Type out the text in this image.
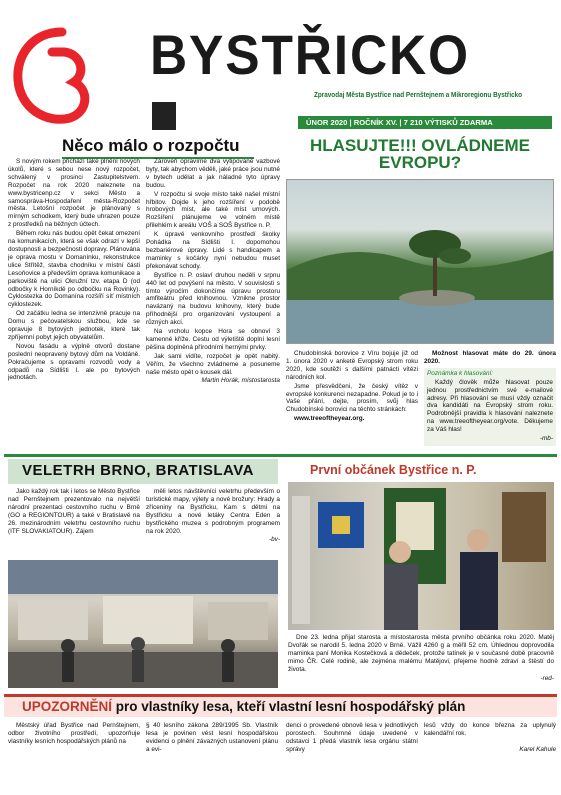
BYSTŘICKO
Zpravodaj Města Bystřice nad Pernštejnem a Mikroregionu Bystřicko
ÚNOR 2020 | ROČNÍK XV. | 7 210 VÝTISKŮ ZDARMA
Něco málo o rozpočtu

S novým rokem přichází také plnění nových úkolů, které s sebou nese nový rozpočet, schválený v prosinci Zastupitelstvem. Rozpočet na rok 2020 naleznete na www.bystricenp.cz v sekci Město a samospráva-Hospodaření města-Rozpočet města. Letošní rozpočet je plánovaný s mírným schodkem, který bude uhrazen pouze z prostředků na běžných účtech.

Během roku nás budou opět čekat omezení na komunikacích, která se však odrazí v lepší dostupnosti a bezpečnosti dopravy. Plánována je oprava mostu v Domanínku, rekonstrukce ulice Střítěž, stavba chodníku v místní části Lesoňovice a především oprava komunikace a parkoviště na ulici Okružní tzv. etapa D (od odbočky k Horníkdě po odbočku na Rovinky). Cyklostezka do Domanína rozšíří síť místních cyklostezek.

Od začátku ledna se intenzivně pracuje na Domu s pečovatelskou službou, kde se opravuje 8 bytových jednotek, které tak zpříjemní pobyt jejich obyvatelům.

Novou fasádu a výplně otvorů dostane poslední neopravený bytový dům na Voldáně. Pokračujeme s opravami rozvodů vody a odpadů na Sídlišti I. ale po bytových jednotách.

Zároveň opravíme dva vytipované vazbové byty, tak abychom věděli, jaké práce jsou nutné v bytech udělat a jak náladné tyto úpravy budou.

V rozpočtu si svoje místo také našel místní hřbitov. Dojde k jeho rozšíření v podobě hrobových míst, ale také míst urnových. Rozšíření plánujeme ve volném místě přilehlém k areálu VOŠ a SOŠ Bystřice n. P.

K úpravě venkovního prostředí školky Pohádka na Sídlišti I. dopomohou bezbariérové úpravy. Lidé s handicapem a maminky s kočárky nyní nebudou muset překonávat schody.

Bystřice n. P. oslaví druhou neděli v srpnu 440 let od povýšení na město. V souvislosti s tímto výročím dokončíme úpravu prostoru amfiteátru před knihovnou. Vznikne prostor navázaný na budovu knihovny, který bude příhodnější pro organizování vystoupení a různých akcí.

Na vrcholu kopce Hora se obnoví 3 kamenné kříže. Cestu od výletiště doplní lesní pěšina doplněná přírodními hernými prvky.

Jak sami vidíte, rozpočet je opět nabitý. Věřím, že všechno zvládneme a posuneme naše město opět o kousek dál.

Martin Horák, místostarosta

HLASUJTE!!! OVLÁDNEME EVROPU?

Chudobínská borovice z Víru bojuje již od 1. února 2020 v anketě Evropský strom roku 2020, kde soutěží s dalšími patnácti vítězi národních kol.

Jsme přesvědčeni, že český vítěz v evropské konkurenci nezapadne. Pokud je to i Vaše přání, dejte, prosím, svůj hlas Chudobínské borovici na těchto stránkách:

www.treeoftheyear.org.

Možnost hlasovat máte do 29. února 2020.

Poznámka k hlasování:

Každý člověk může hlasovat pouze jednou prostřednictvím své e-mailové adresy. Při hlasování se musí vždy označit dva kandidáti na Evropský strom roku. Podrobnější pravidla k hlasování naleznete na www.treeoftheyear.org/vote. Děkujeme za Váš hlas!

-mb-

VELETRH BRNO, BRATISLAVA

Jako každý rok tak i letos se Město Bystřice nad Pernštejnem prezentovalo na největší národní prezentaci cestovního ruchu v Brně (GO a REGIONTOUR) a také v Bratislavě na 26. mezinárodním veletrhu cestovního ruchu (ITF SLOVAKIATOUR). Zájem

měli letos návštěvníci veletrhu především o turistické mapy, výlety a nové brožury: Hrady a zříceniny na Bystřicku, Kam s dětmi na Bystřicku a nové letáky Centra Eden a bystřického muzea s podrobným programem na rok 2020.

-bv-

První občánek Bystřice n. P.

Dne 23. ledna přijal starosta a místostarosta města prvního občánka roku 2020. Matěj Dvořák se narodil 5. ledna 2020 v Brně. Vážil 4260 g a měřil 52 cm. Úhlednou doprovodila maminka paní Monika Kostečková a dědeček, protože tatínek je v současné době pracovně mimo ČR. Celé rodině, ale zejména malému Matějovi, přejeme hodně zdraví a štěstí do života.

-red-

UPOZORNĚNÍ pro vlastníky lesa, kteří vlastní lesní hospodářský plán

Městský úřad Bystřice nad Pernštejnem, odbor životního prostředí, upozorňuje vlastníky lesních hospodářských plánů na

§ 40 lesního zákona 289/1995 Sb. Vlastník lesa je povinen vést lesní hospodářskou evidenci o plnění závazných ustanovení plánu a evi-

denci o provedené obnově lesa v jednotlivých porostech. Souhrnné údaje uvedené v odstavci 1 předá vlastník lesa orgánu státní správy

lesů vždy do konce března za uplynulý kalendářní rok.

Karel Kahule
